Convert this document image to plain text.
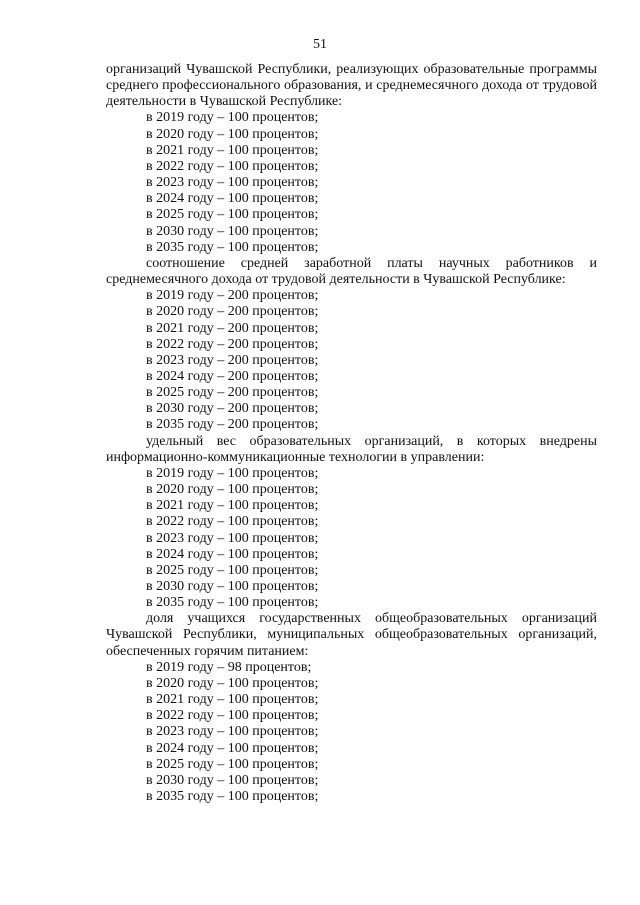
51

организаций Чувашской Республики, реализующих образовательные программы среднего профессионального образования, и среднемесячного дохода от трудовой деятельности в Чувашской Республике:

в 2019 году – 100 процентов;

в 2020 году – 100 процентов;

в 2021 году – 100 процентов;

в 2022 году – 100 процентов;

в 2023 году – 100 процентов;

в 2024 году – 100 процентов;

в 2025 году – 100 процентов;

в 2030 году – 100 процентов;

в 2035 году – 100 процентов;

соотношение средней заработной платы научных работников и среднемесячного дохода от трудовой деятельности в Чувашской Республике:

в 2019 году – 200 процентов;

в 2020 году – 200 процентов;

в 2021 году – 200 процентов;

в 2022 году – 200 процентов;

в 2023 году – 200 процентов;

в 2024 году – 200 процентов;

в 2025 году – 200 процентов;

в 2030 году – 200 процентов;

в 2035 году – 200 процентов;

удельный вес образовательных организаций, в которых внедрены информационно-коммуникационные технологии в управлении:

в 2019 году – 100 процентов;

в 2020 году – 100 процентов;

в 2021 году – 100 процентов;

в 2022 году – 100 процентов;

в 2023 году – 100 процентов;

в 2024 году – 100 процентов;

в 2025 году – 100 процентов;

в 2030 году – 100 процентов;

в 2035 году – 100 процентов;

доля учащихся государственных общеобразовательных организаций Чувашской Республики, муниципальных общеобразовательных организаций, обеспеченных горячим питанием:

в 2019 году – 98 процентов;

в 2020 году – 100 процентов;

в 2021 году – 100 процентов;

в 2022 году – 100 процентов;

в 2023 году – 100 процентов;

в 2024 году – 100 процентов;

в 2025 году – 100 процентов;

в 2030 году – 100 процентов;

в 2035 году – 100 процентов;
